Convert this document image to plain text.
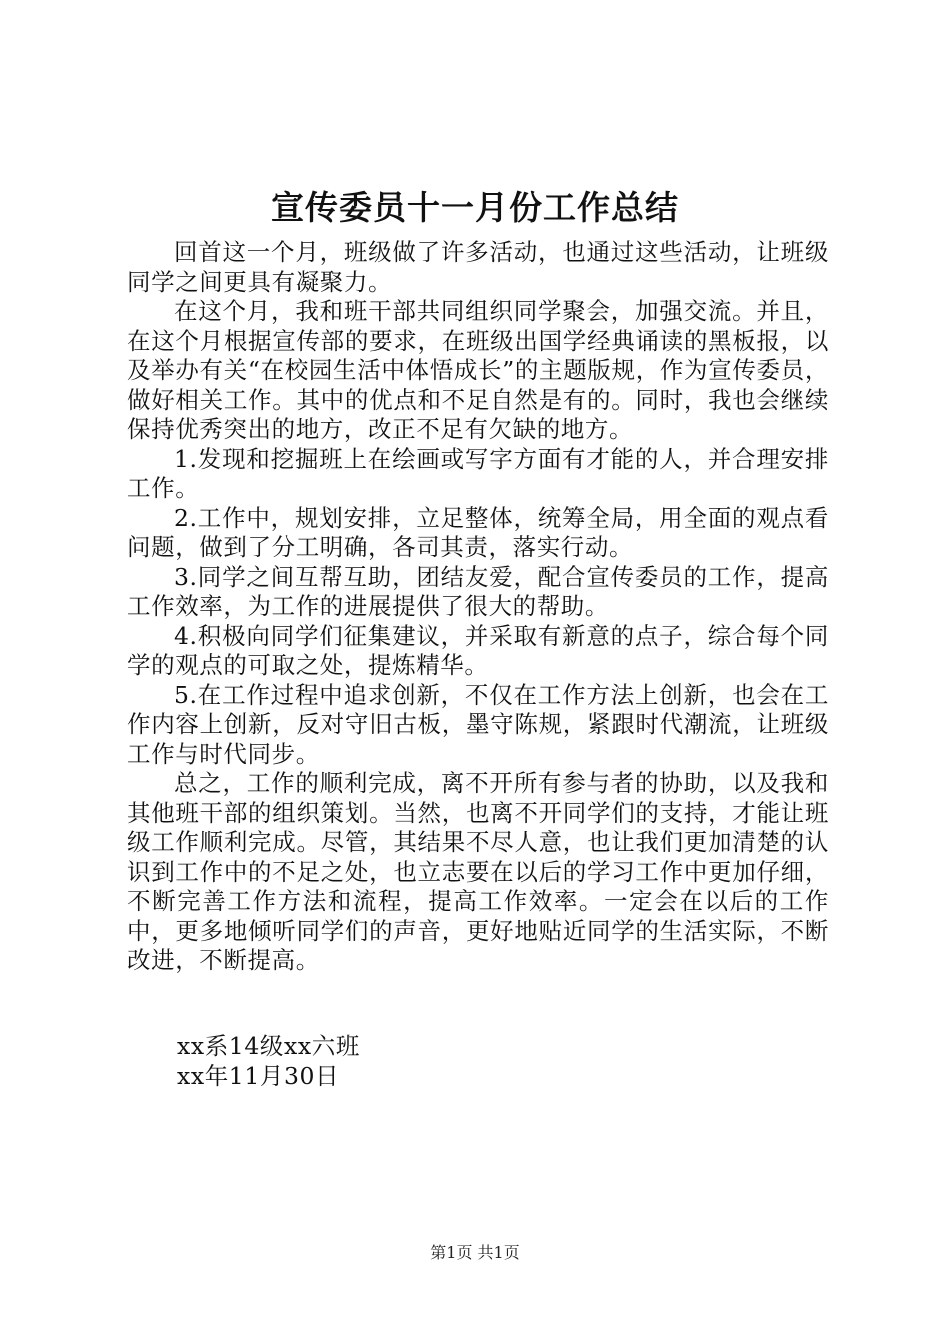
宣传委员十一月份工作总结

回首这一个月，班级做了许多活动，也通过这些活动，让班级同学之间更具有凝聚力。

在这个月，我和班干部共同组织同学聚会，加强交流。并且，在这个月根据宣传部的要求，在班级出国学经典诵读的黑板报，以及举办有关“在校园生活中体悟成长”的主题版规，作为宣传委员，做好相关工作。其中的优点和不足自然是有的。同时，我也会继续保持优秀突出的地方，改正不足有欠缺的地方。

1.发现和挖掘班上在绘画或写字方面有才能的人，并合理安排工作。

2.工作中，规划安排，立足整体，统筹全局，用全面的观点看问题，做到了分工明确，各司其责，落实行动。

3.同学之间互帮互助，团结友爱，配合宣传委员的工作，提高工作效率，为工作的进展提供了很大的帮助。

4.积极向同学们征集建议，并采取有新意的点子，综合每个同学的观点的可取之处，提炼精华。

5.在工作过程中追求创新，不仅在工作方法上创新，也会在工作内容上创新，反对守旧古板，墨守陈规，紧跟时代潮流，让班级工作与时代同步。

总之，工作的顺利完成，离不开所有参与者的协助，以及我和其他班干部的组织策划。当然，也离不开同学们的支持，才能让班级工作顺利完成。尽管，其结果不尽人意，也让我们更加清楚的认识到工作中的不足之处，也立志要在以后的学习工作中更加仔细，不断完善工作方法和流程，提高工作效率。一定会在以后的工作中，更多地倾听同学们的声音，更好地贴近同学的生活实际，不断改进，不断提高。

xx系14级xx六班
xx年11月30日
第1页 共1页
